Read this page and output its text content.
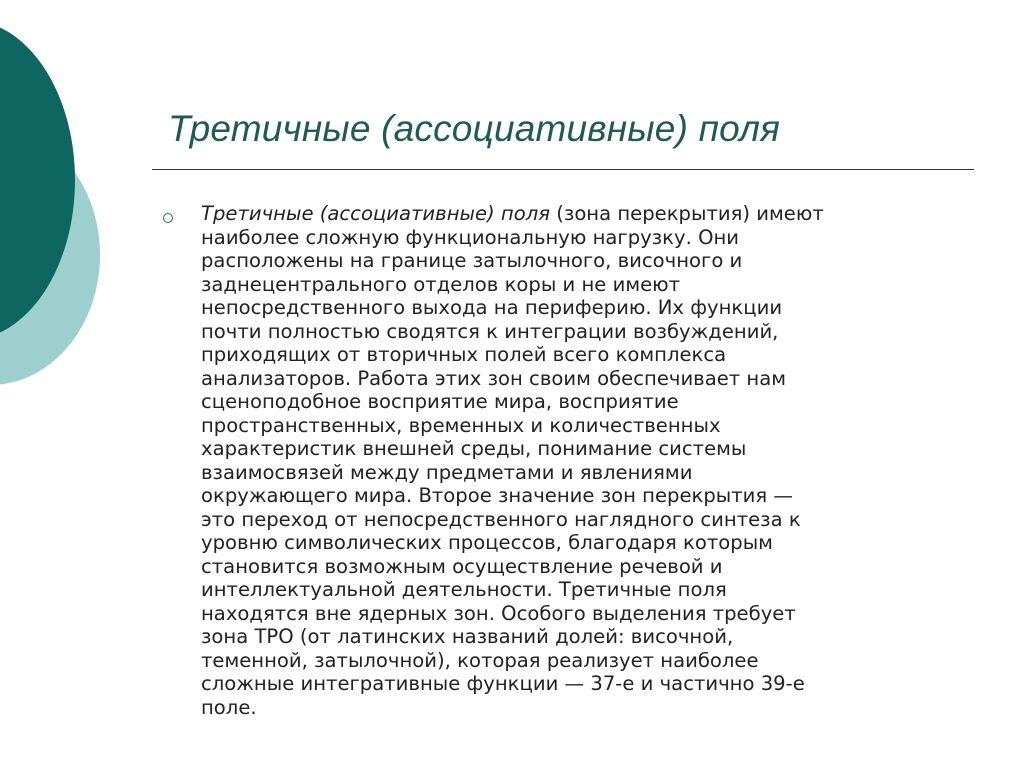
Третичные (ассоциативные) поля

Третичные (ассоциативные) поля (зона перекрытия) имеют
наиболее сложную функциональную нагрузку. Они
расположены на границе затылочного, височного и
заднецентрального отделов коры и не имеют
непосредственного выхода на периферию. Их функции
почти полностью сводятся к интеграции возбуждений,
приходящих от вторичных полей всего комплекса
анализаторов. Работа этих зон своим обеспечивает нам
сценоподобное восприятие мира, восприятие
пространственных, временных и количественных
характеристик внешней среды, понимание системы
взаимосвязей между предметами и явлениями
окружающего мира. Второе значение зон перекрытия —
это переход от непосредственного наглядного синтеза к
уровню символических процессов, благодаря которым
становится возможным осуществление речевой и
интеллектуальной деятельности. Третичные поля
находятся вне ядерных зон. Особого выделения требует
зона ТРО (от латинских названий долей: височной,
теменной, затылочной), которая реализует наиболее
сложные интегративные функции — 37-е и частично 39-е
поле.
